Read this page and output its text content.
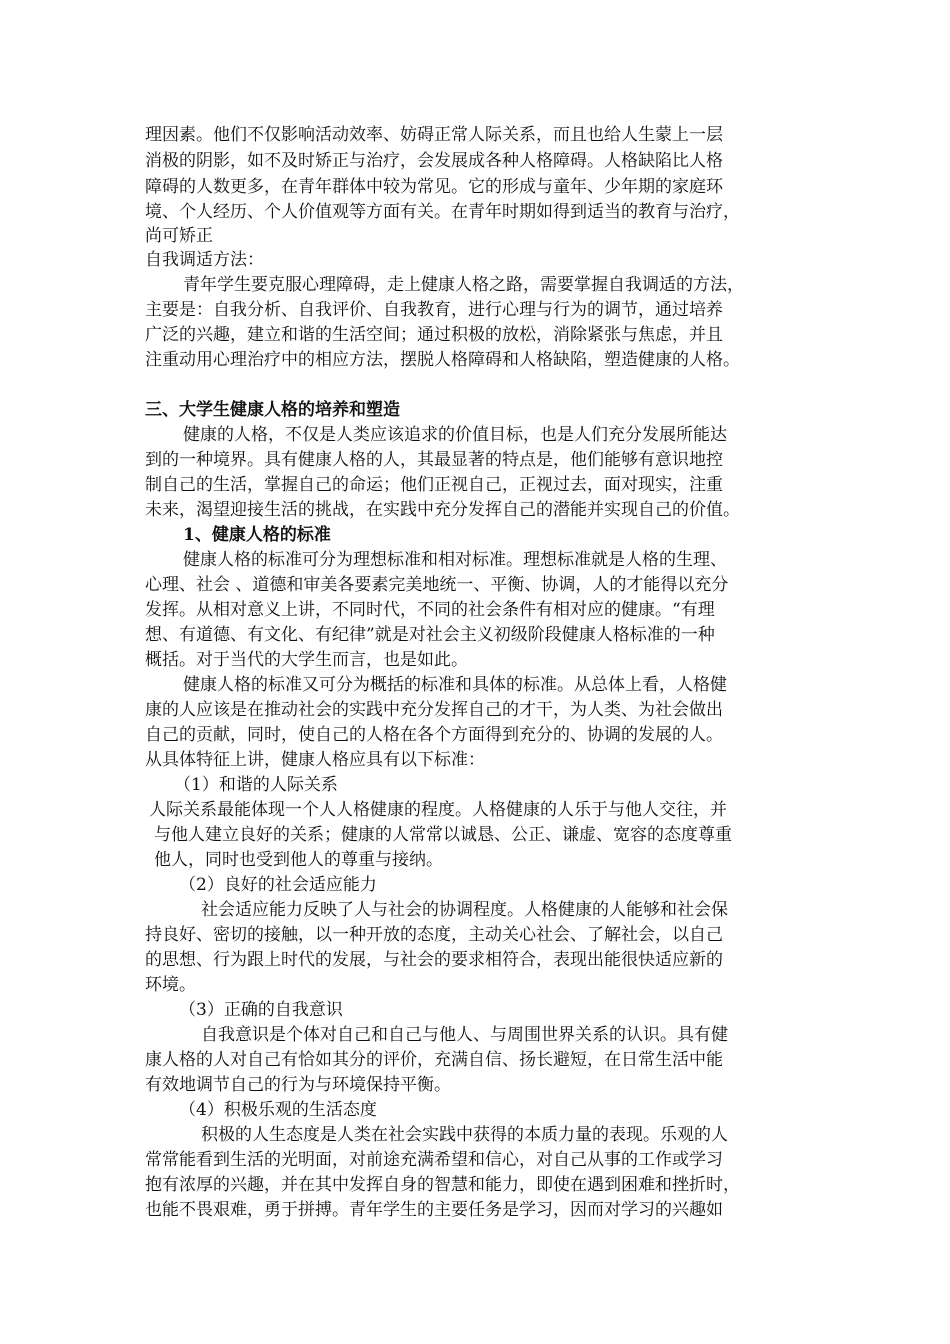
理因素。他们不仅影响活动效率、妨碍正常人际关系，而且也给人生蒙上一层
消极的阴影，如不及时矫正与治疗，会发展成各种人格障碍。人格缺陷比人格
障碍的人数更多，在青年群体中较为常见。它的形成与童年、少年期的家庭环
境、个人经历、个人价值观等方面有关。在青年时期如得到适当的教育与治疗，
尚可矫正
自我调适方法：
青年学生要克服心理障碍，走上健康人格之路，需要掌握自我调适的方法，
主要是：自我分析、自我评价、自我教育，进行心理与行为的调节，通过培养
广泛的兴趣，建立和谐的生活空间；通过积极的放松，消除紧张与焦虑，并且
注重动用心理治疗中的相应方法，摆脱人格障碍和人格缺陷，塑造健康的人格。
三、大学生健康人格的培养和塑造
健康的人格，不仅是人类应该追求的价值目标，也是人们充分发展所能达
到的一种境界。具有健康人格的人，其最显著的特点是，他们能够有意识地控
制自己的生活，掌握自己的命运；他们正视自己，正视过去，面对现实，注重
未来，渴望迎接生活的挑战，在实践中充分发挥自己的潜能并实现自己的价值。
1、健康人格的标准
健康人格的标准可分为理想标准和相对标准。理想标准就是人格的生理、
心理、社会 、道德和审美各要素完美地统一、平衡、协调，人的才能得以充分
发挥。从相对意义上讲，不同时代，不同的社会条件有相对应的健康。“有理
想、有道德、有文化、有纪律”就是对社会主义初级阶段健康人格标准的一种
概括。对于当代的大学生而言，也是如此。
健康人格的标准又可分为概括的标准和具体的标准。从总体上看，人格健
康的人应该是在推动社会的实践中充分发挥自己的才干，为人类、为社会做出
自己的贡献，同时，使自己的人格在各个方面得到充分的、协调的发展的人。
从具体特征上讲，健康人格应具有以下标准：
（1）和谐的人际关系
人际关系最能体现一个人人格健康的程度。人格健康的人乐于与他人交往，并
与他人建立良好的关系；健康的人常常以诚恳、公正、谦虚、宽容的态度尊重
他人，同时也受到他人的尊重与接纳。
（2）良好的社会适应能力
社会适应能力反映了人与社会的协调程度。人格健康的人能够和社会保
持良好、密切的接触，以一种开放的态度，主动关心社会、了解社会，以自己
的思想、行为跟上时代的发展，与社会的要求相符合，表现出能很快适应新的
环境。
（3）正确的自我意识
自我意识是个体对自己和自己与他人、与周围世界关系的认识。具有健
康人格的人对自己有恰如其分的评价，充满自信、扬长避短，在日常生活中能
有效地调节自己的行为与环境保持平衡。
（4）积极乐观的生活态度
积极的人生态度是人类在社会实践中获得的本质力量的表现。乐观的人
常常能看到生活的光明面，对前途充满希望和信心，对自己从事的工作或学习
抱有浓厚的兴趣，并在其中发挥自身的智慧和能力，即使在遇到困难和挫折时，
也能不畏艰难，勇于拼搏。青年学生的主要任务是学习，因而对学习的兴趣如
